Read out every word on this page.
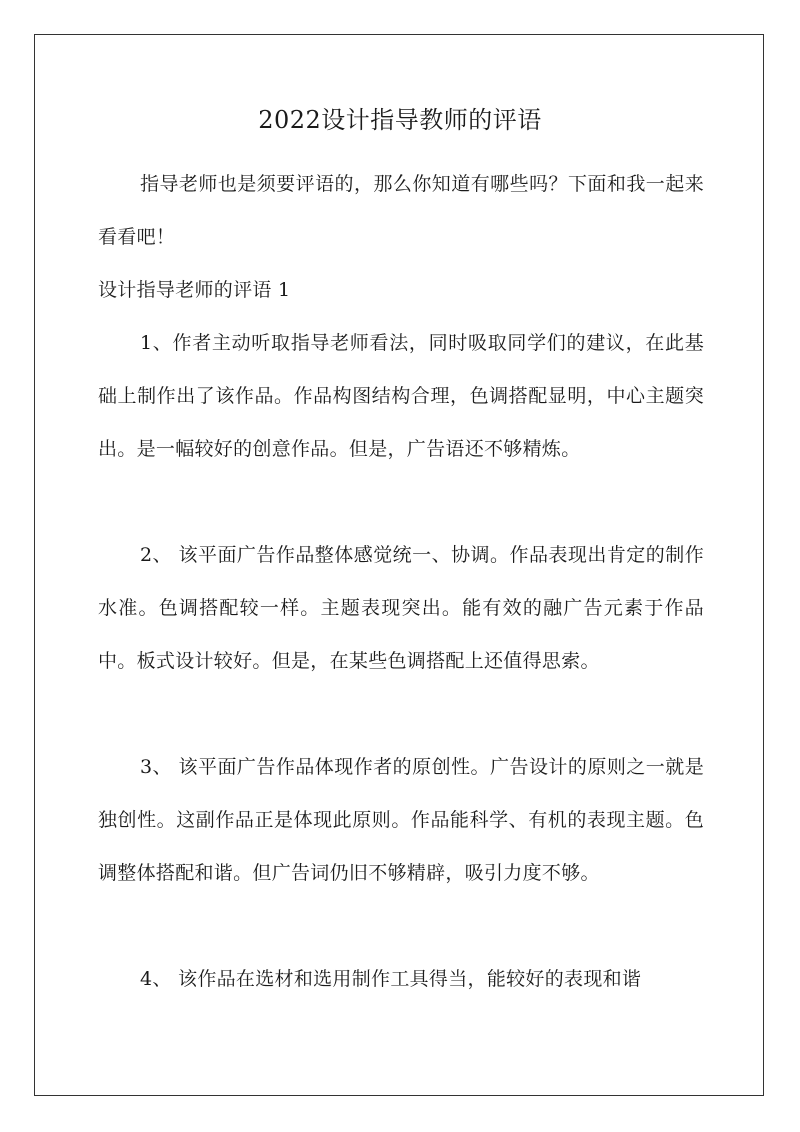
2022设计指导教师的评语

指导老师也是须要评语的，那么你知道有哪些吗？下面和我一起来看看吧！

设计指导老师的评语 1

1、作者主动听取指导老师看法，同时吸取同学们的建议，在此基础上制作出了该作品。作品构图结构合理，色调搭配显明，中心主题突出。是一幅较好的创意作品。但是，广告语还不够精炼。

2、 该平面广告作品整体感觉统一、协调。作品表现出肯定的制作水准。色调搭配较一样。主题表现突出。能有效的融广告元素于作品中。板式设计较好。但是，在某些色调搭配上还值得思索。

3、 该平面广告作品体现作者的原创性。广告设计的原则之一就是独创性。这副作品正是体现此原则。作品能科学、有机的表现主题。色调整体搭配和谐。但广告词仍旧不够精辟，吸引力度不够。

4、 该作品在选材和选用制作工具得当，能较好的表现和谐
